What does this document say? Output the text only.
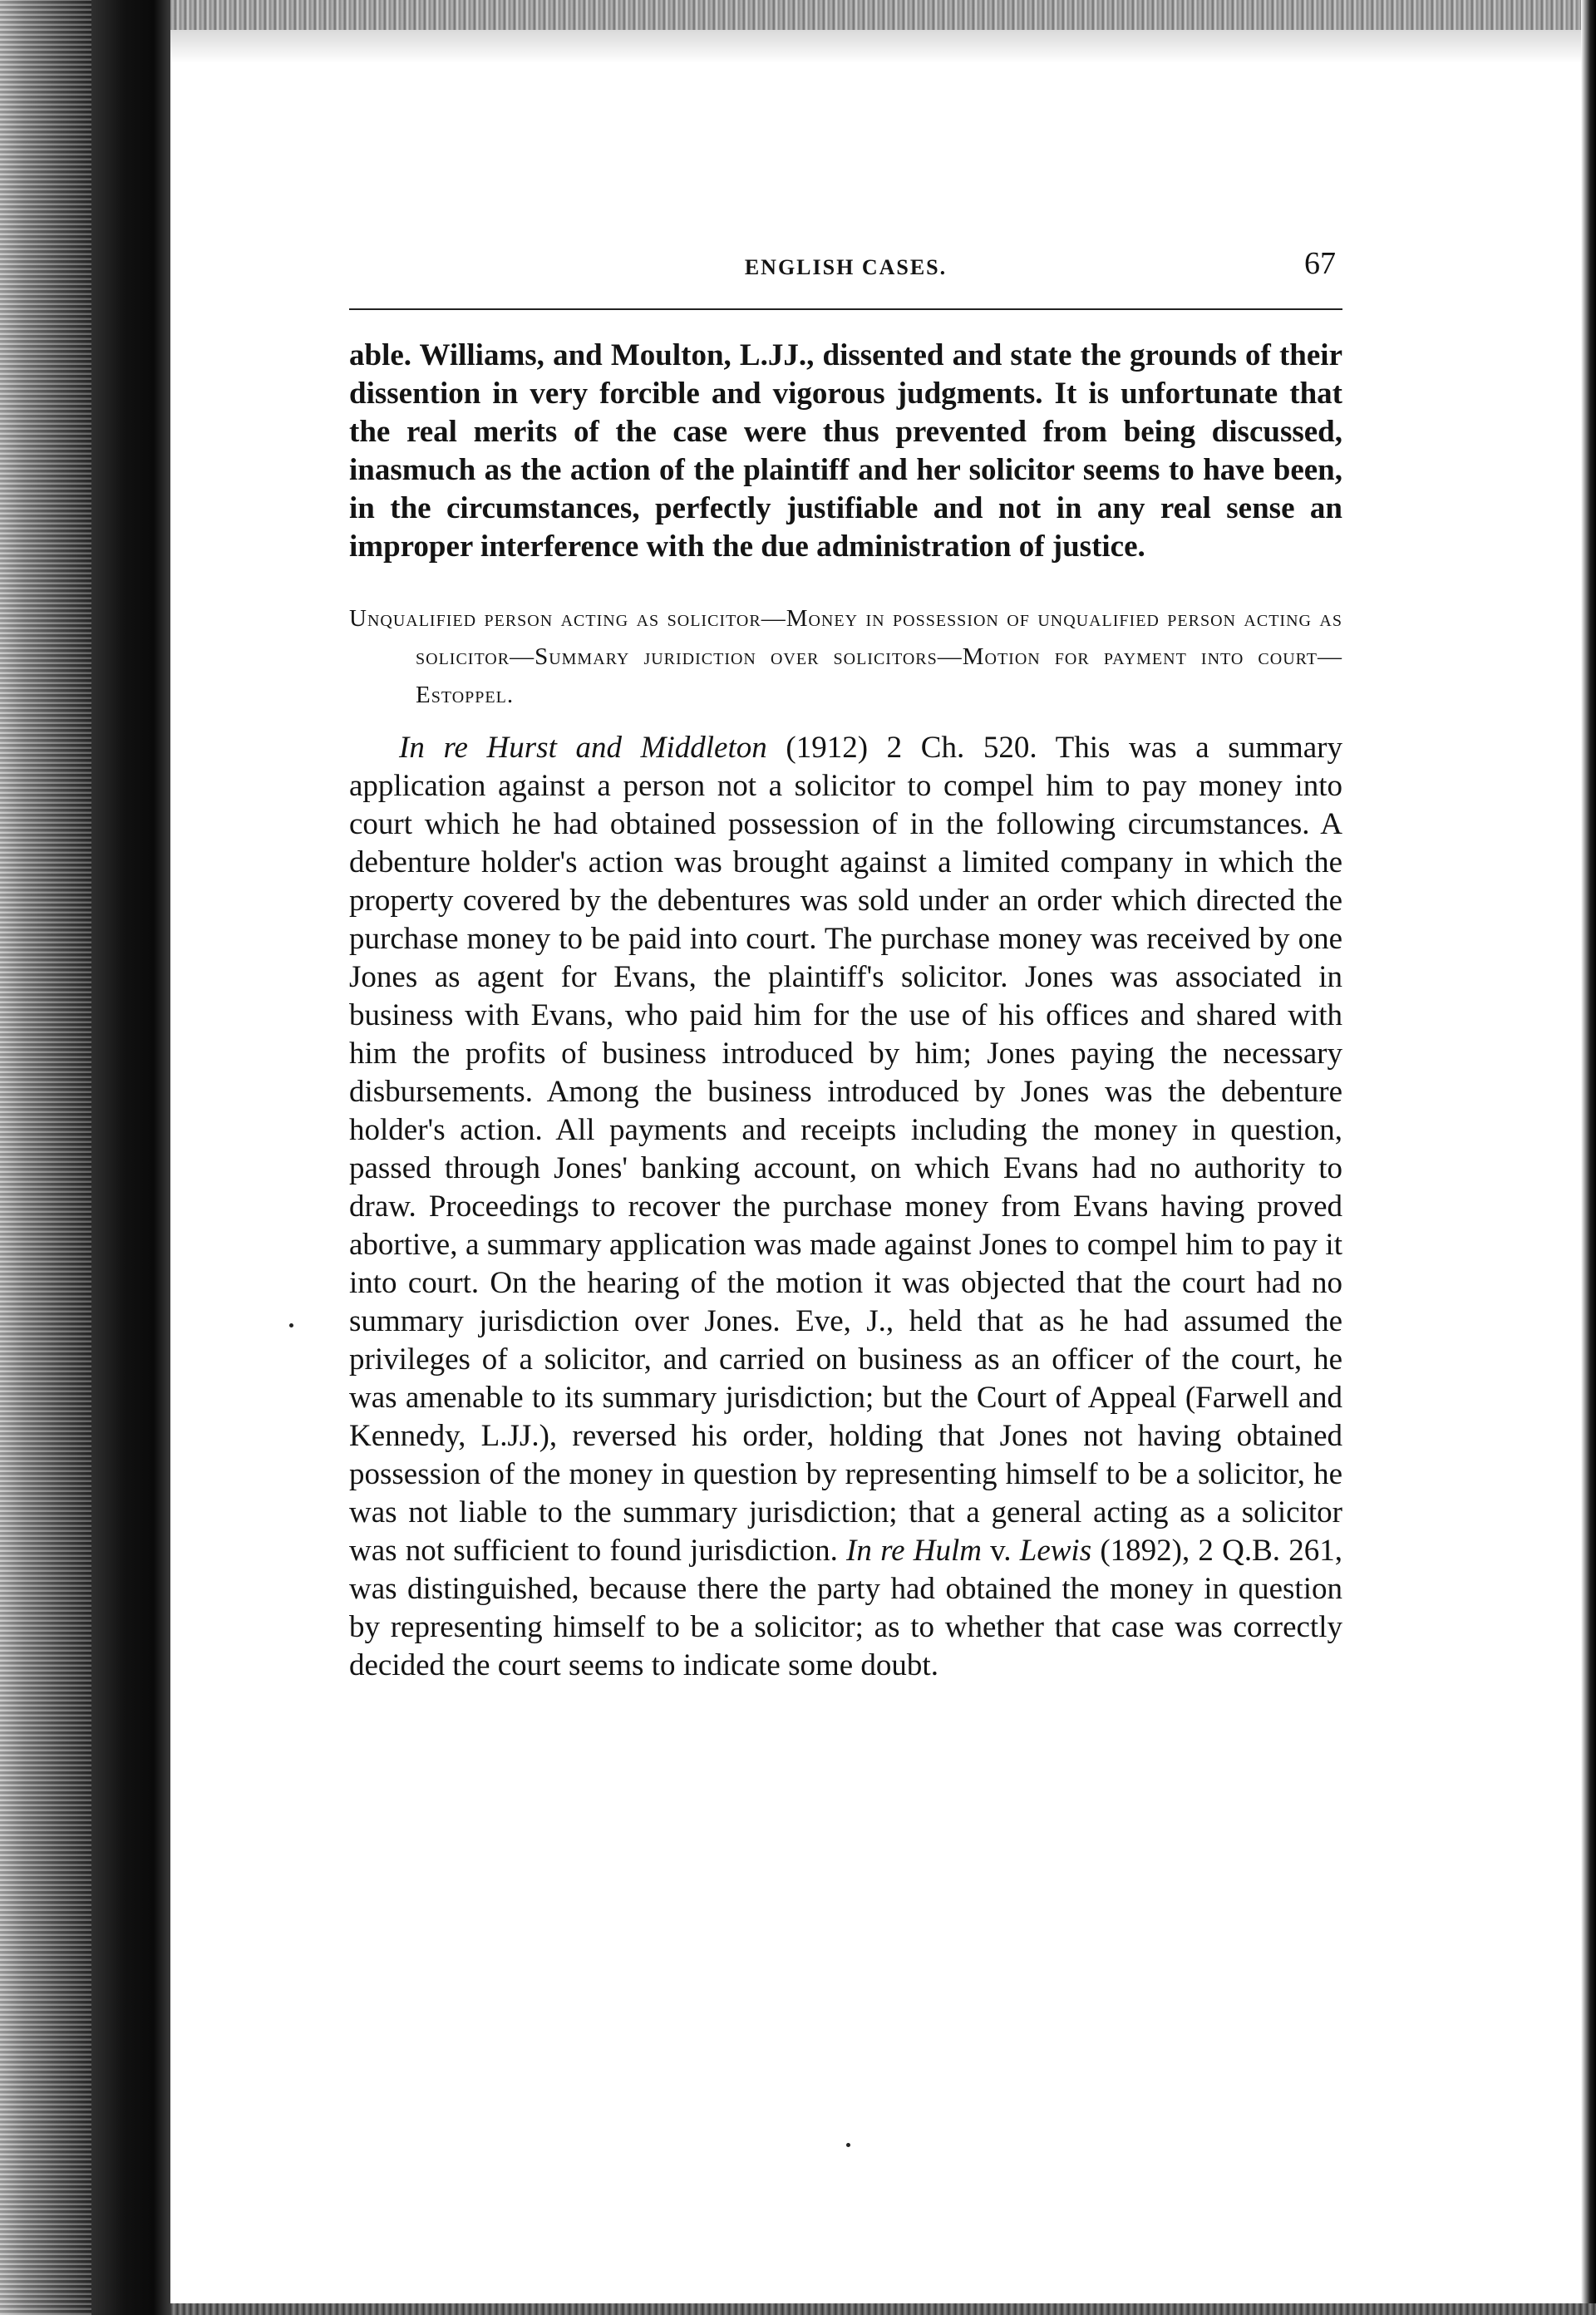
ENGLISH CASES.	67

able. Williams, and Moulton, L.JJ., dissented and state the grounds of their dissention in very forcible and vigorous judgments. It is unfortunate that the real merits of the case were thus prevented from being discussed, inasmuch as the action of the plaintiff and her solicitor seems to have been, in the circumstances, perfectly justifiable and not in any real sense an improper interference with the due administration of justice.

Unqualified person acting as solicitor—Money in possession of unqualified person acting as solicitor—Summary juridiction over solicitors—Motion for payment into court—Estoppel.

In re Hurst and Middleton (1912) 2 Ch. 520. This was a summary application against a person not a solicitor to compel him to pay money into court which he had obtained possession of in the following circumstances. A debenture holder's action was brought against a limited company in which the property covered by the debentures was sold under an order which directed the purchase money to be paid into court. The purchase money was received by one Jones as agent for Evans, the plaintiff's solicitor. Jones was associated in business with Evans, who paid him for the use of his offices and shared with him the profits of business introduced by him; Jones paying the necessary disbursements. Among the business introduced by Jones was the debenture holder's action. All payments and receipts including the money in question, passed through Jones' banking account, on which Evans had no authority to draw. Proceedings to recover the purchase money from Evans having proved abortive, a summary application was made against Jones to compel him to pay it into court. On the hearing of the motion it was objected that the court had no summary jurisdiction over Jones. Eve, J., held that as he had assumed the privileges of a solicitor, and carried on business as an officer of the court, he was amenable to its summary jurisdiction; but the Court of Appeal (Farwell and Kennedy, L.JJ.), reversed his order, holding that Jones not having obtained possession of the money in question by representing himself to be a solicitor, he was not liable to the summary jurisdiction; that a general acting as a solicitor was not sufficient to found jurisdiction. In re Hulm v. Lewis (1892), 2 Q.B. 261, was distinguished, because there the party had obtained the money in question by representing himself to be a solicitor; as to whether that case was correctly decided the court seems to indicate some doubt.
